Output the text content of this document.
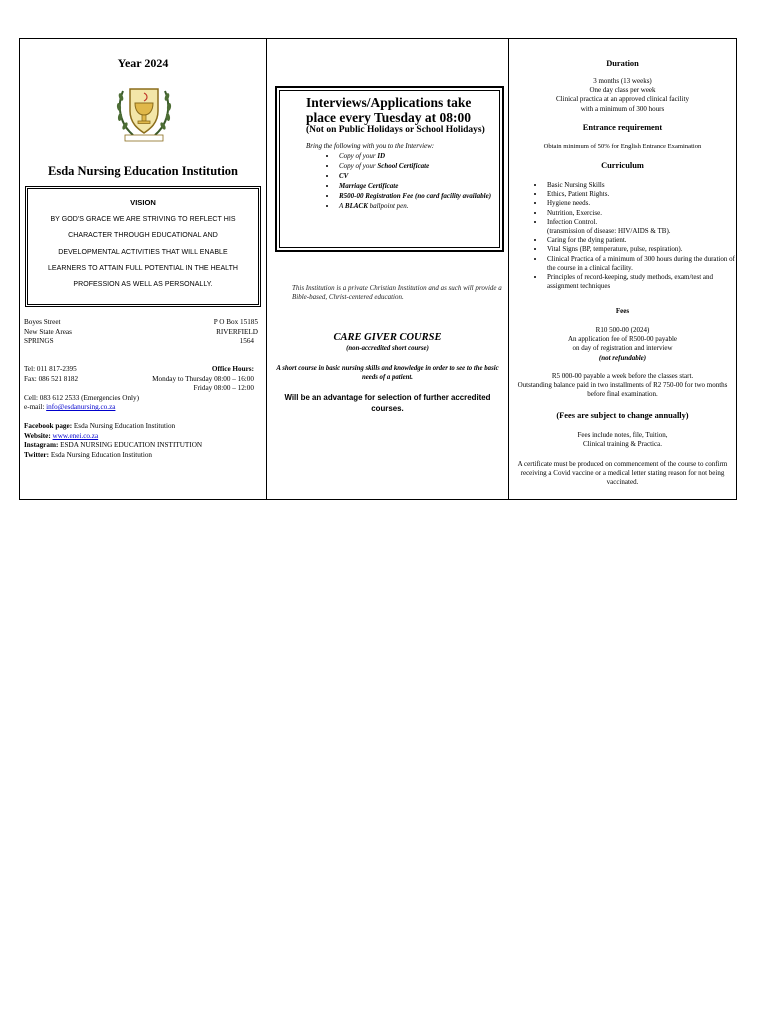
Year 2024
Esda Nursing Education Institution
VISION
BY GOD'S GRACE WE ARE STRIVING TO REFLECT HIS
CHARACTER THROUGH EDUCATIONAL AND
DEVELOPMENTAL ACTIVITIES THAT WILL ENABLE
LEARNERS TO ATTAIN FULL POTENTIAL IN THE HEALTH
PROFESSION AS WELL AS PERSONALLY.
Boyes Street	P O Box 15185
New State Areas	RIVERFIELD
SPRINGS	1564
Tel: 011 817-2395	Office Hours:
Fax: 086 521 8182	Monday to Thursday 08:00 – 16:00
Friday 08:00 – 12:00
Cell: 083 612 2533 (Emergencies Only)
e-mail: info@esdanursing.co.za
Facebook page: Esda Nursing Education Institution
Website: www.enei.co.za
Instagram: ESDA NURSING EDUCATION INSTITUTION
Twitter: Esda Nursing Education Institution
Interviews/Applications take place every Tuesday at 08:00
(Not on Public Holidays or School Holidays)
Bring the following with you to the Interview:
• Copy of your ID
• Copy of your School Certificate
• CV
• Marriage Certificate
• R500-00 Registration Fee (no card facility available)
• A BLACK ballpoint pen.
This Institution is a private Christian Institution and as such will provide a Bible-based, Christ-centered education.
CARE GIVER COURSE
(non-accredited short course)
A short course in basic nursing skills and knowledge in order to see to the basic needs of a patient.
Will be an advantage for selection of further accredited courses.
Duration
3 months (13 weeks)
One day class per week
Clinical practica at an approved clinical facility
with a minimum of 300 hours
Entrance requirement
Obtain minimum of 50% for English Entrance Examination
Curriculum
• Basic Nursing Skills
• Ethics, Patient Rights.
• Hygiene needs.
• Nutrition, Exercise.
• Infection Control.
(transmission of disease: HIV/AIDS & TB).
• Caring for the dying patient.
• Vital Signs (BP, temperature, pulse, respiration).
• Clinical Practica of a minimum of 300 hours during the duration of the course in a clinical facility.
• Principles of record-keeping, study methods, exam/test and assignment techniques
Fees
R10 500-00 (2024)
An application fee of R500-00 payable
on day of registration and interview
(not refundable)
R5 000-00 payable a week before the classes start.
Outstanding balance paid in two installments of R2 750-00 for two months before final examination.
(Fees are subject to change annually)
Fees include notes, file, Tuition,
Clinical training & Practica.
A certificate must be produced on commencement of the course to confirm receiving a Covid vaccine or a medical letter stating reason for not being vaccinated.
